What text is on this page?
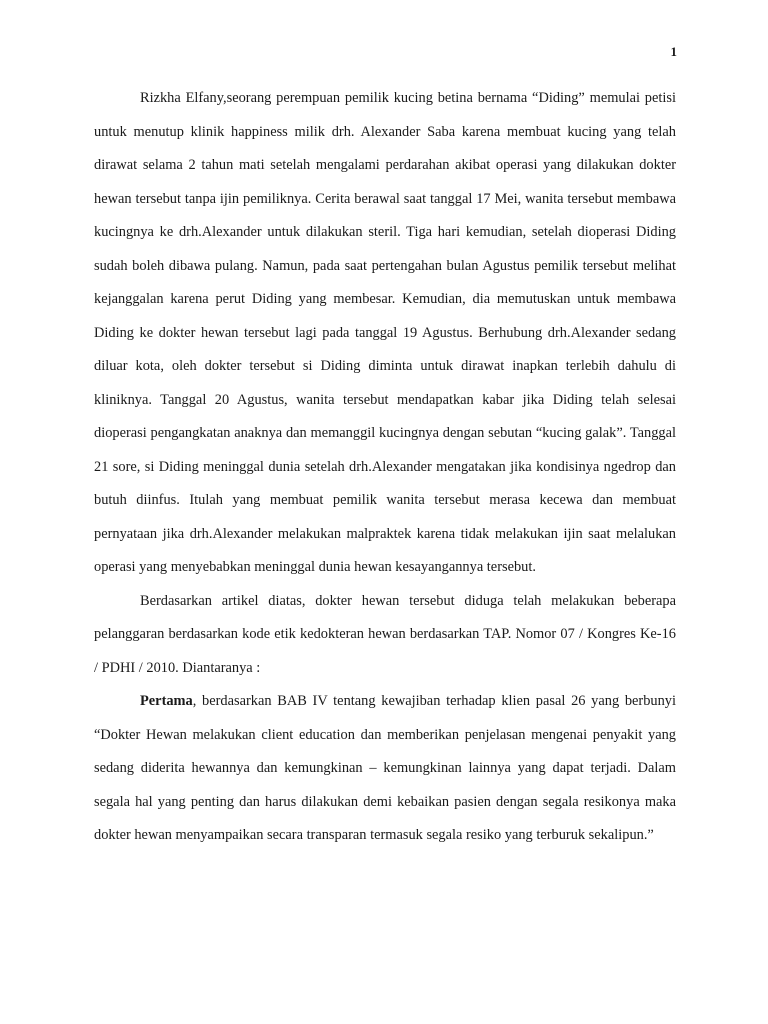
1

Rizkha Elfany,seorang perempuan pemilik kucing betina bernama “Diding” memulai petisi untuk menutup klinik happiness milik drh. Alexander Saba karena membuat kucing yang telah dirawat selama 2 tahun mati setelah mengalami perdarahan akibat operasi yang dilakukan dokter hewan tersebut tanpa ijin pemiliknya. Cerita berawal saat tanggal 17 Mei, wanita tersebut membawa kucingnya ke drh.Alexander untuk dilakukan steril. Tiga hari kemudian, setelah dioperasi Diding sudah boleh dibawa pulang. Namun, pada saat pertengahan bulan Agustus pemilik tersebut melihat kejanggalan karena perut Diding yang membesar. Kemudian, dia memutuskan untuk membawa Diding ke dokter hewan tersebut lagi pada tanggal 19 Agustus. Berhubung drh.Alexander sedang diluar kota, oleh dokter tersebut si Diding diminta untuk dirawat inapkan terlebih dahulu di kliniknya. Tanggal 20 Agustus, wanita tersebut mendapatkan kabar jika Diding telah selesai dioperasi pengangkatan anaknya dan memanggil kucingnya dengan sebutan “kucing galak”. Tanggal 21 sore, si Diding meninggal dunia setelah drh.Alexander mengatakan jika kondisinya ngedrop dan butuh diinfus. Itulah yang membuat pemilik wanita tersebut merasa kecewa dan membuat pernyataan jika drh.Alexander melakukan malpraktek karena tidak melakukan ijin saat melalukan operasi yang menyebabkan meninggal dunia hewan kesayangannya tersebut.

Berdasarkan artikel diatas, dokter hewan tersebut diduga telah melakukan beberapa pelanggaran berdasarkan kode etik kedokteran hewan berdasarkan TAP. Nomor 07 / Kongres Ke-16 / PDHI / 2010. Diantaranya :

Pertama, berdasarkan BAB IV tentang kewajiban terhadap klien pasal 26 yang berbunyi “Dokter Hewan melakukan client education dan memberikan penjelasan mengenai penyakit yang sedang diderita hewannya dan kemungkinan – kemungkinan lainnya yang dapat terjadi. Dalam segala hal yang penting dan harus dilakukan demi kebaikan pasien dengan segala resikonya maka dokter hewan menyampaikan secara transparan termasuk segala resiko yang terburuk sekalipun.”
